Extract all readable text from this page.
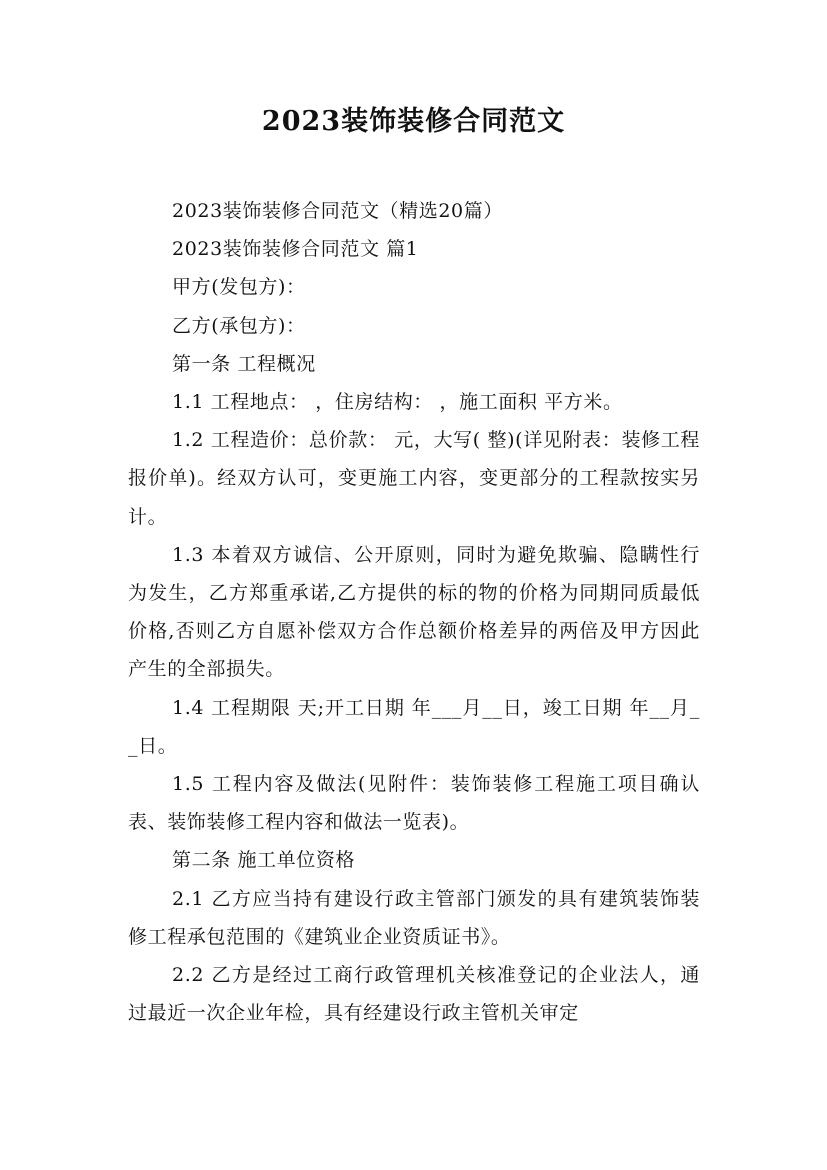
2023装饰装修合同范文

2023装饰装修合同范文（精选20篇）

2023装饰装修合同范文 篇1

甲方(发包方)：

乙方(承包方)：

第一条 工程概况

1.1 工程地点： ，住房结构： ，施工面积 平方米。

1.2 工程造价：总价款： 元，大写( 整)(详见附表：装修工程报价单)。经双方认可，变更施工内容，变更部分的工程款按实另计。

1.3 本着双方诚信、公开原则，同时为避免欺骗、隐瞒性行为发生，乙方郑重承诺,乙方提供的标的物的价格为同期同质最低价格,否则乙方自愿补偿双方合作总额价格差异的两倍及甲方因此产生的全部损失。

1.4 工程期限 天;开工日期 年___月__日，竣工日期 年__月__日。

1.5 工程内容及做法(见附件：装饰装修工程施工项目确认表、装饰装修工程内容和做法一览表)。

第二条 施工单位资格

2.1 乙方应当持有建设行政主管部门颁发的具有建筑装饰装修工程承包范围的《建筑业企业资质证书》。

2.2 乙方是经过工商行政管理机关核准登记的企业法人，通过最近一次企业年检，具有经建设行政主管机关审定
